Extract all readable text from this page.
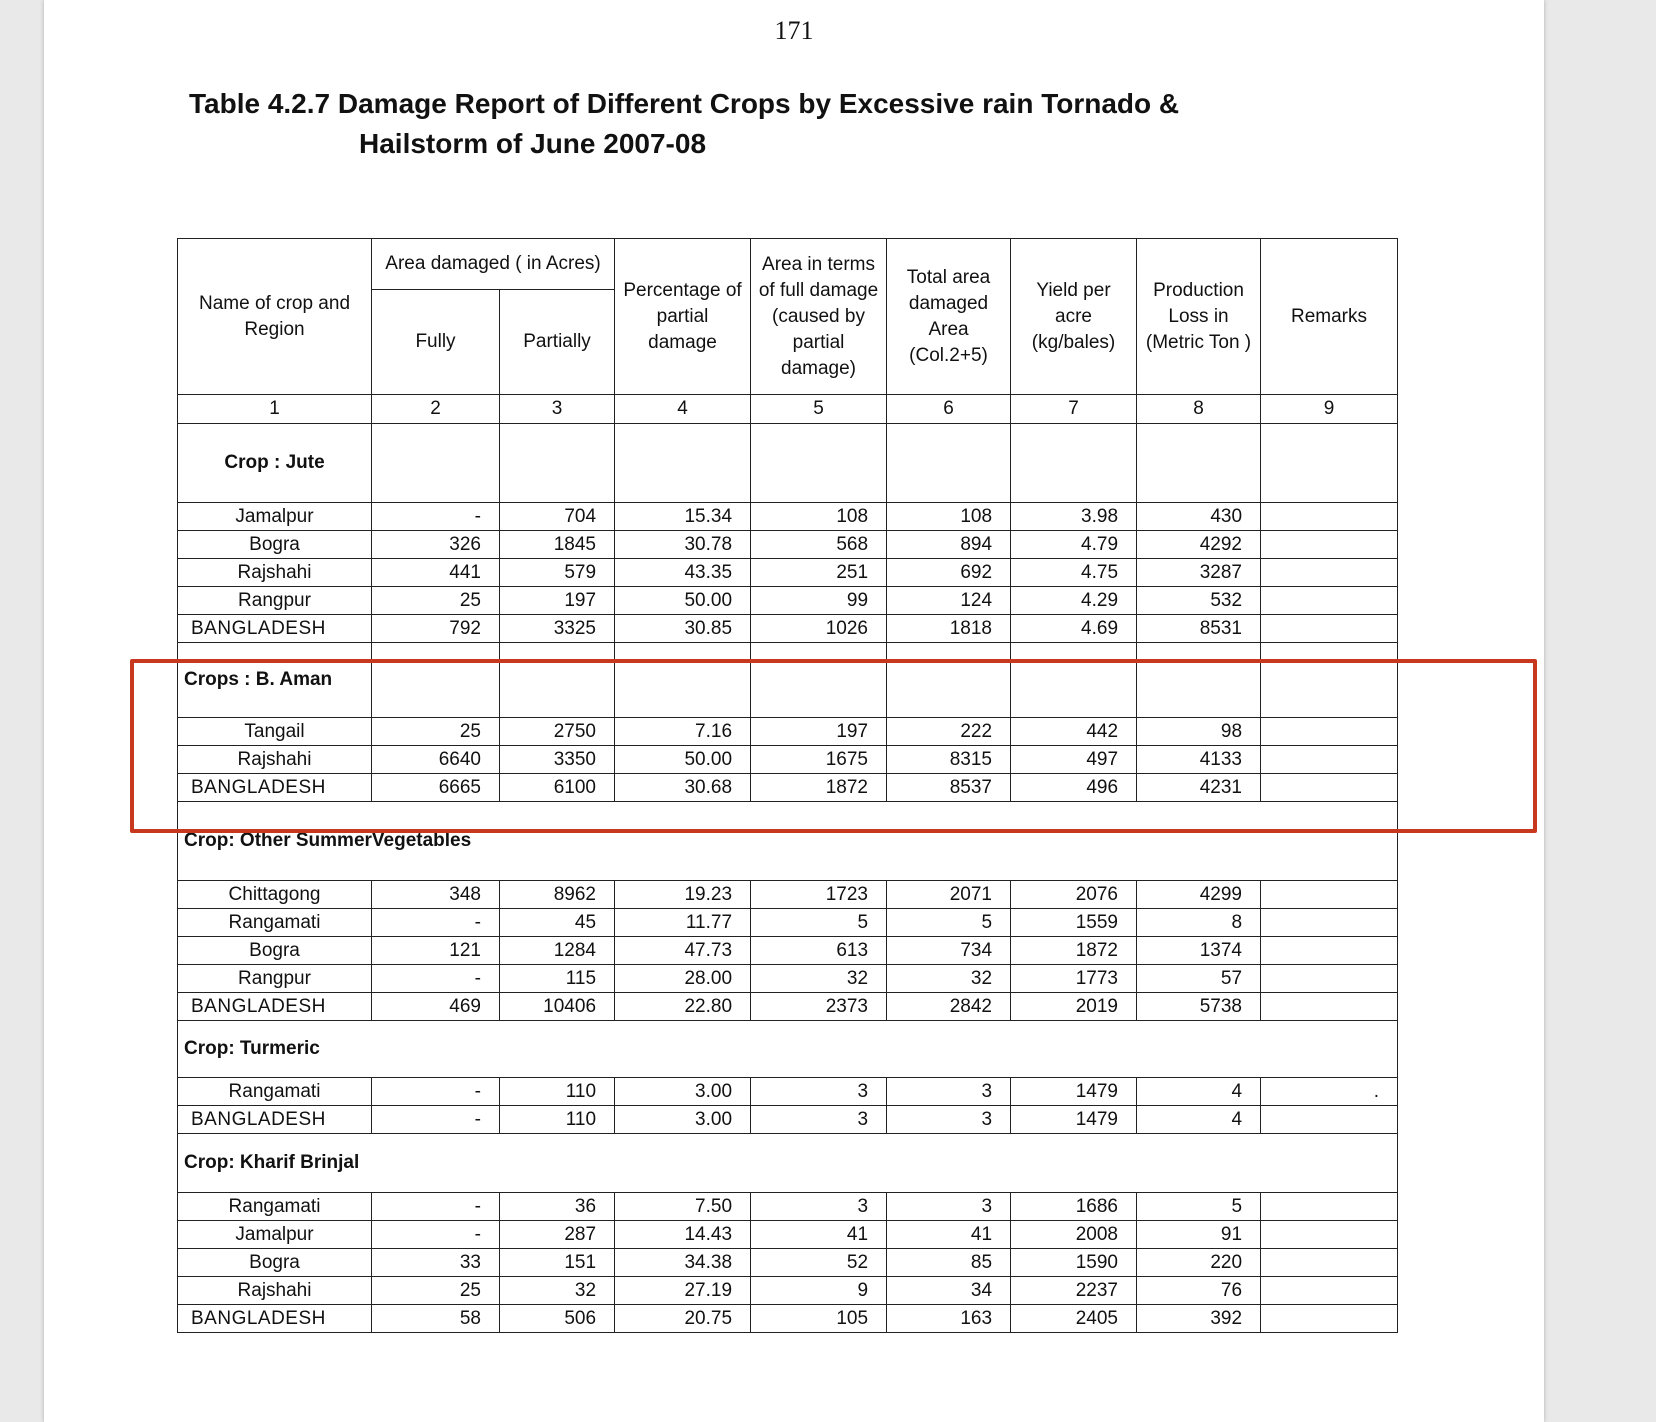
171
Table 4.2.7 Damage Report of Different Crops by Excessive rain Tornado &
Hailstorm of June 2007-08
Name of crop and Region	Area damaged ( in Acres)		Percentage of partial damage	Area in terms of full damage (caused by partial damage)	Total area damaged Area (Col.2+5)	Yield per acre (kg/bales)	Production Loss in (Metric Ton )	Remarks
	Fully	Partially						
1	2	3	4	5	6	7	8	9
Crop : Jute								
Jamalpur	-	704	15.34	108	108	3.98	430	
Bogra	326	1845	30.78	568	894	4.79	4292	
Rajshahi	441	579	43.35	251	692	4.75	3287	
Rangpur	25	197	50.00	99	124	4.29	532	
BANGLADESH	792	3325	30.85	1026	1818	4.69	8531	
Crops : B. Aman								
Tangail	25	2750	7.16	197	222	442	98	
Rajshahi	6640	3350	50.00	1675	8315	497	4133	
BANGLADESH	6665	6100	30.68	1872	8537	496	4231	
Crop: Other SummerVegetables								
Chittagong	348	8962	19.23	1723	2071	2076	4299	
Rangamati	-	45	11.77	5	5	1559	8	
Bogra	121	1284	47.73	613	734	1872	1374	
Rangpur	-	115	28.00	32	32	1773	57	
BANGLADESH	469	10406	22.80	2373	2842	2019	5738	
Crop: Turmeric								
Rangamati	-	110	3.00	3	3	1479	4	.
BANGLADESH	-	110	3.00	3	3	1479	4	
Crop: Kharif Brinjal								
Rangamati	-	36	7.50	3	3	1686	5	
Jamalpur	-	287	14.43	41	41	2008	91	
Bogra	33	151	34.38	52	85	1590	220	
Rajshahi	25	32	27.19	9	34	2237	76	
BANGLADESH	58	506	20.75	105	163	2405	392	
